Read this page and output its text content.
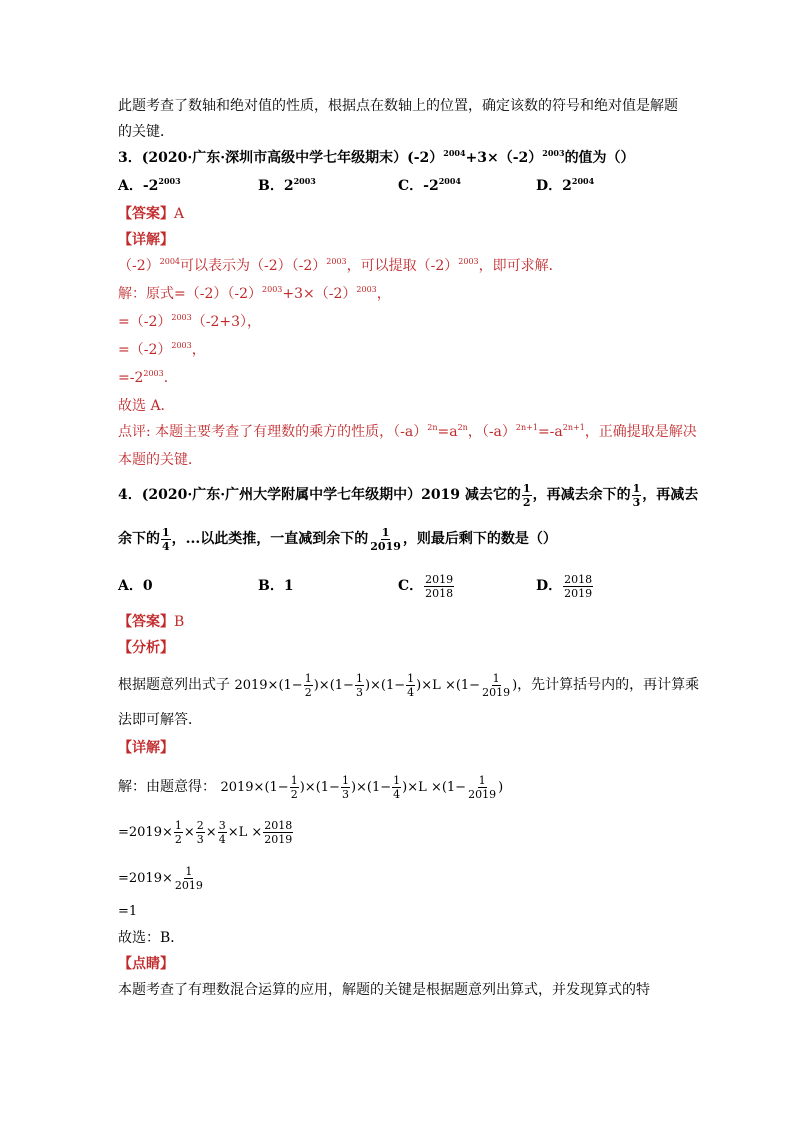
此题考查了数轴和绝对值的性质，根据点在数轴上的位置，确定该数的符号和绝对值是解题
的关键．
3．(2020·广东·深圳市高级中学七年级期末）$(-2)^{2004}+3\times(-2)^{2003}$的值为（）
A．$-2^{2003}$	B．$2^{2003}$	C．$-2^{2004}$	D．$2^{2004}$
【答案】A
【详解】
$(-2)^{2004}$可以表示为$(-2)(-2)^{2003}$，可以提取$(-2)^{2003}$，即可求解．
解：原式$=(-2)(-2)^{2003}+3\times(-2)^{2003}$，
$=(-2)^{2003}(-2+3)$，
$=(-2)^{2003}$，
$=-2^{2003}$．
故选 A．
点评: 本题主要考查了有理数的乘方的性质，$(-a)^{2n}=a^{2n}$，$(-a)^{2n+1}=-a^{2n+1}$，正确提取是解决
本题的关键．
4．(2020·广东·广州大学附属中学七年级期中）2019 减去它的 $\frac{1}{2}$ ，再减去余下的 $\frac{1}{3}$ ，再减去
余下的 $\frac{1}{4}$ ，...以此类推，一直减到余下的 $\frac{1}{2019}$ ，则最后剩下的数是（）
A．0	B．1	C． $\frac{2019}{2018}$	D． $\frac{2018}{2019}$
【答案】B
【分析】
根据题意列出式子 $2019\times(1- \frac{1}{2} )\times(1- \frac{1}{3} )\times(1- \frac{1}{4} )\times L \times(1- \frac{1}{2019}$ )，先计算括号内的，再计算乘
法即可解答．
【详解】
解：由题意得： $2019\times(1- \frac{1}{2} )\times(1- \frac{1}{3} )\times(1- \frac{1}{4} )\times L \times(1- \frac{1}{2019}$ )
$=2019\times \frac{1}{2} \times \frac{2}{3} \times \frac{3}{4} \times L \times \frac{2018}{2019}$
$=2019\times \frac{1}{2019}$
=1
故选：B．
【点睛】
本题考查了有理数混合运算的应用，解题的关键是根据题意列出算式，并发现算式的特
